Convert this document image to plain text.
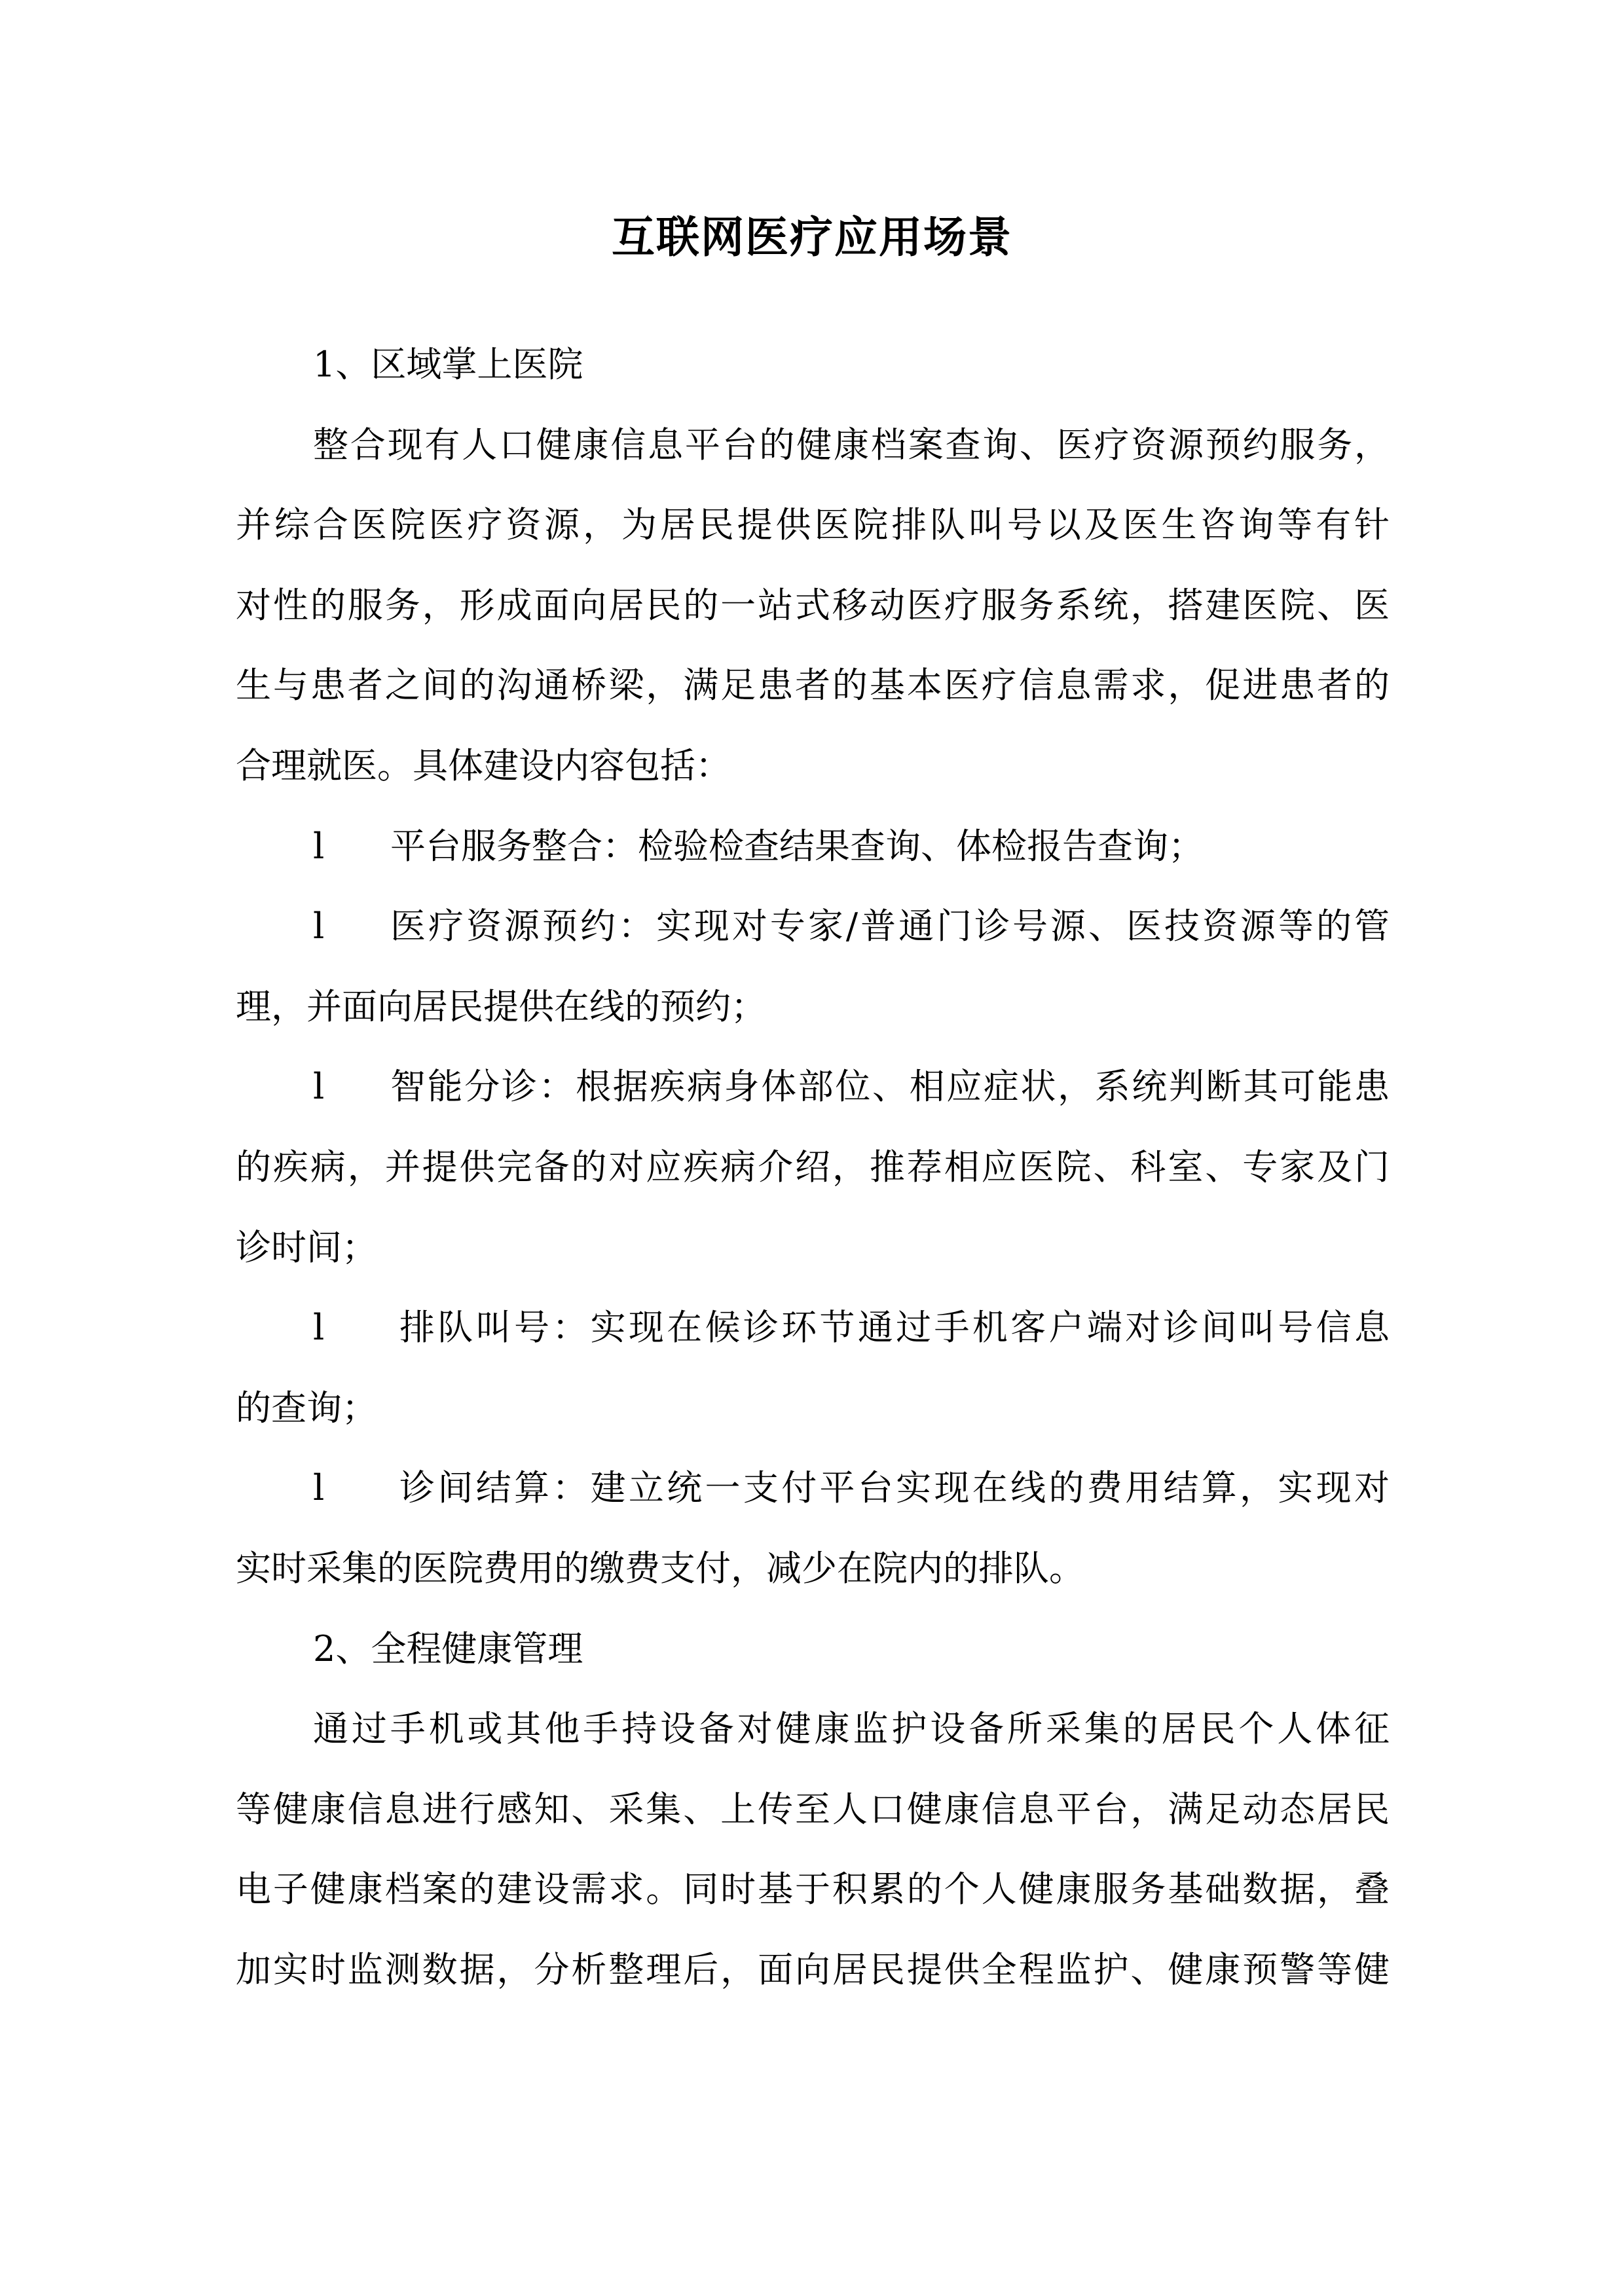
互联网医疗应用场景
1、区域掌上医院
整合现有人口健康信息平台的健康档案查询、医疗资源预约服务，
并综合医院医疗资源，为居民提供医院排队叫号以及医生咨询等有针
对性的服务，形成面向居民的一站式移动医疗服务系统，搭建医院、医
生与患者之间的沟通桥梁，满足患者的基本医疗信息需求，促进患者的
合理就医。具体建设内容包括：
l	平台服务整合：检验检查结果查询、体检报告查询；
l	医疗资源预约：实现对专家/普通门诊号源、医技资源等的管
理，并面向居民提供在线的预约；
l	智能分诊：根据疾病身体部位、相应症状，系统判断其可能患
的疾病，并提供完备的对应疾病介绍，推荐相应医院、科室、专家及门
诊时间；
l	排队叫号：实现在候诊环节通过手机客户端对诊间叫号信息
的查询；
l	诊间结算：建立统一支付平台实现在线的费用结算，实现对
实时采集的医院费用的缴费支付，减少在院内的排队。
2、全程健康管理
通过手机或其他手持设备对健康监护设备所采集的居民个人体征
等健康信息进行感知、采集、上传至人口健康信息平台，满足动态居民
电子健康档案的建设需求。同时基于积累的个人健康服务基础数据，叠
加实时监测数据，分析整理后，面向居民提供全程监护、健康预警等健
